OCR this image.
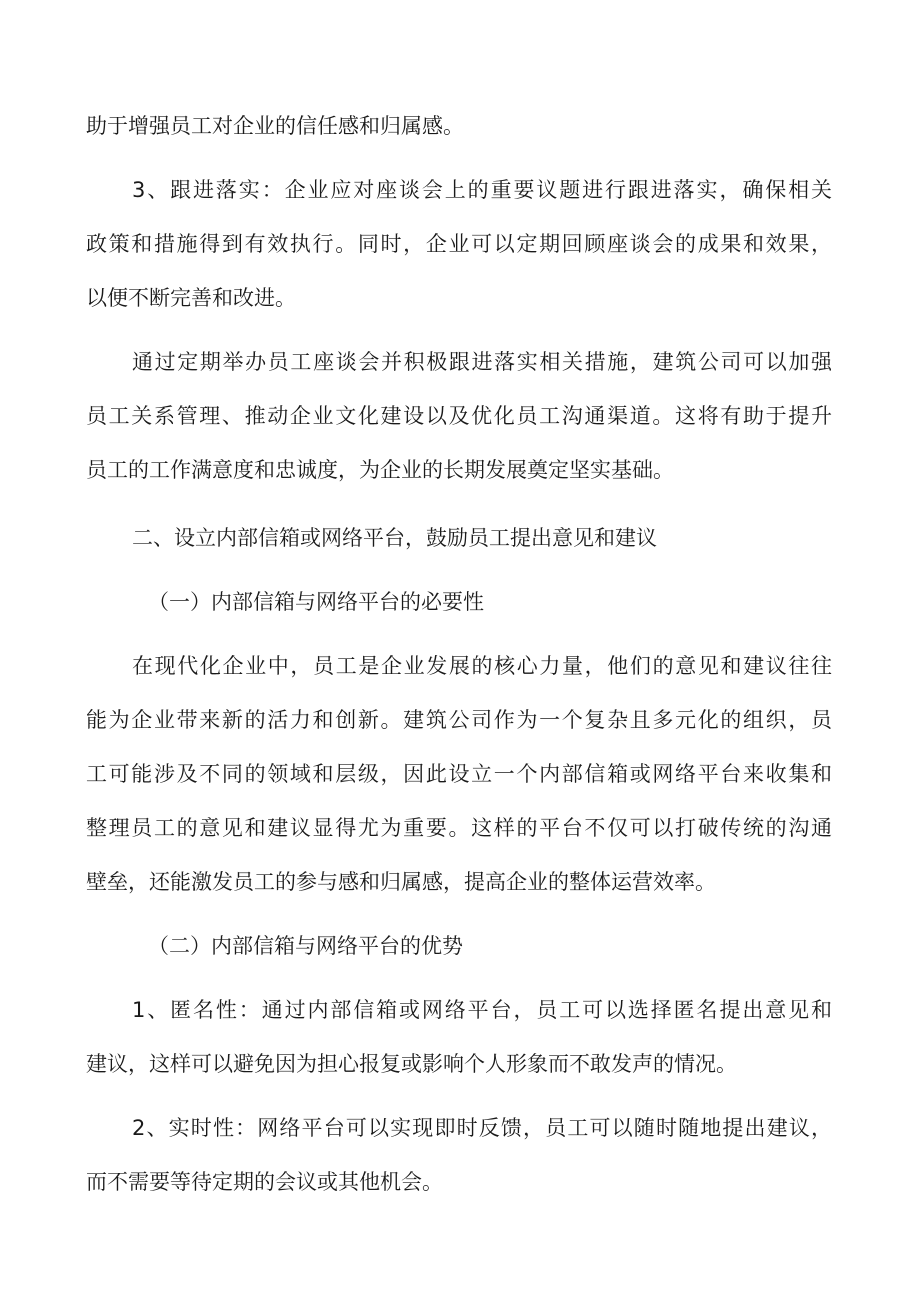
助于增强员工对企业的信任感和归属感。
3、跟进落实：企业应对座谈会上的重要议题进行跟进落实，确保相关
政策和措施得到有效执行。同时，企业可以定期回顾座谈会的成果和效果，
以便不断完善和改进。
通过定期举办员工座谈会并积极跟进落实相关措施，建筑公司可以加强
员工关系管理、推动企业文化建设以及优化员工沟通渠道。这将有助于提升
员工的工作满意度和忠诚度，为企业的长期发展奠定坚实基础。
二、设立内部信箱或网络平台，鼓励员工提出意见和建议
（一）内部信箱与网络平台的必要性
在现代化企业中，员工是企业发展的核心力量，他们的意见和建议往往
能为企业带来新的活力和创新。建筑公司作为一个复杂且多元化的组织，员
工可能涉及不同的领域和层级，因此设立一个内部信箱或网络平台来收集和
整理员工的意见和建议显得尤为重要。这样的平台不仅可以打破传统的沟通
壁垒，还能激发员工的参与感和归属感，提高企业的整体运营效率。
（二）内部信箱与网络平台的优势
1、匿名性：通过内部信箱或网络平台，员工可以选择匿名提出意见和
建议，这样可以避免因为担心报复或影响个人形象而不敢发声的情况。
2、实时性：网络平台可以实现即时反馈，员工可以随时随地提出建议，
而不需要等待定期的会议或其他机会。
